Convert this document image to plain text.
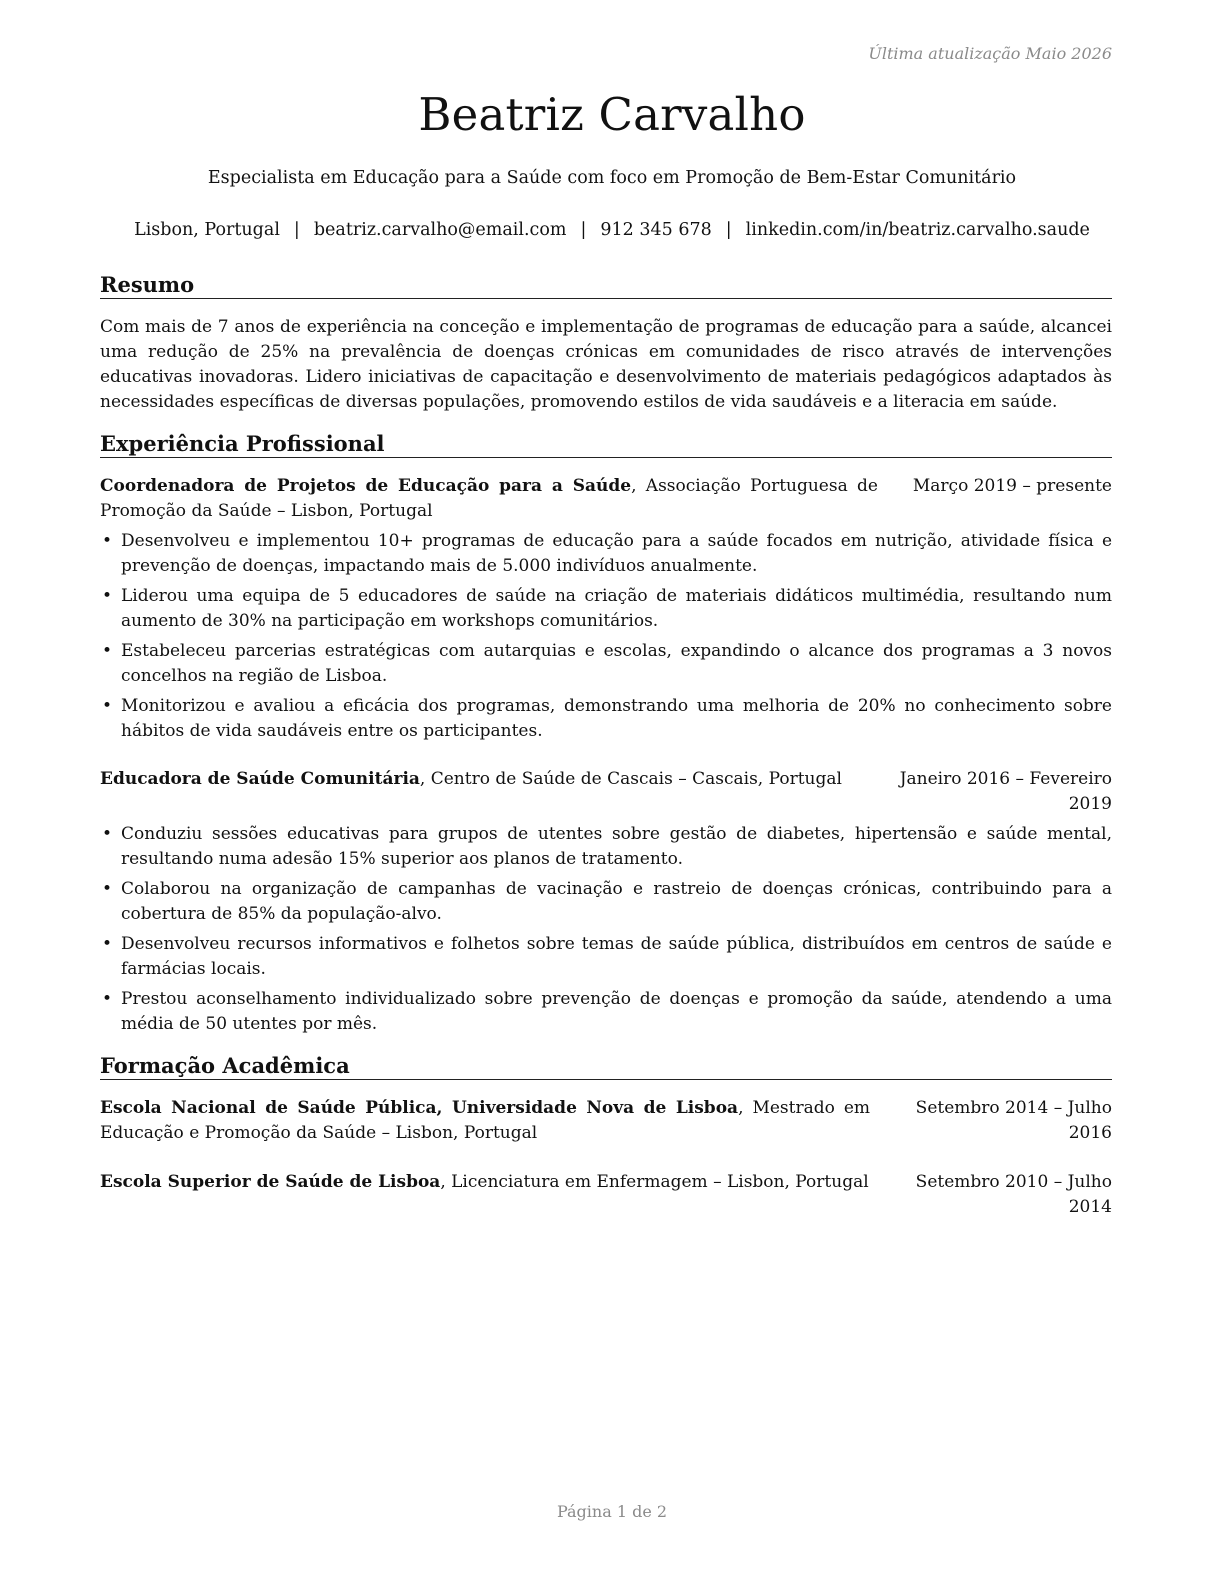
Última atualização Maio 2026
Beatriz Carvalho
Especialista em Educação para a Saúde com foco em Promoção de Bem-Estar Comunitário
Lisbon, Portugal | beatriz.carvalho@email.com | 912 345 678 | linkedin.com/in/beatriz.carvalho.saude
Resumo
Com mais de 7 anos de experiência na conceção e implementação de programas de educação para a saúde, alcancei uma redução de 25% na prevalência de doenças crónicas em comunidades de risco através de intervenções educativas inovadoras. Lidero iniciativas de capacitação e desenvolvimento de materiais pedagógicos adaptados às necessidades específicas de diversas populações, promovendo estilos de vida saudáveis e a literacia em saúde.
Experiência Profissional
Coordenadora de Projetos de Educação para a Saúde, Associação Portuguesa de Promoção da Saúde – Lisbon, Portugal
Março 2019 – presente
• Desenvolveu e implementou 10+ programas de educação para a saúde focados em nutrição, atividade física e prevenção de doenças, impactando mais de 5.000 indivíduos anualmente.
• Liderou uma equipa de 5 educadores de saúde na criação de materiais didáticos multimédia, resultando num aumento de 30% na participação em workshops comunitários.
• Estabeleceu parcerias estratégicas com autarquias e escolas, expandindo o alcance dos programas a 3 novos concelhos na região de Lisboa.
• Monitorizou e avaliou a eficácia dos programas, demonstrando uma melhoria de 20% no conhecimento sobre hábitos de vida saudáveis entre os participantes.
Educadora de Saúde Comunitária, Centro de Saúde de Cascais – Cascais, Portugal	Janeiro 2016 – Fevereiro 2019
• Conduziu sessões educativas para grupos de utentes sobre gestão de diabetes, hipertensão e saúde mental, resultando numa adesão 15% superior aos planos de tratamento.
• Colaborou na organização de campanhas de vacinação e rastreio de doenças crónicas, contribuindo para a cobertura de 85% da população-alvo.
• Desenvolveu recursos informativos e folhetos sobre temas de saúde pública, distribuídos em centros de saúde e farmácias locais.
• Prestou aconselhamento individualizado sobre prevenção de doenças e promoção da saúde, atendendo a uma média de 50 utentes por mês.
Formação Acadêmica
Escola Nacional de Saúde Pública, Universidade Nova de Lisboa, Mestrado em Educação e Promoção da Saúde – Lisbon, Portugal
Setembro 2014 – Julho 2016
Escola Superior de Saúde de Lisboa, Licenciatura em Enfermagem – Lisbon, Portugal	Setembro 2010 – Julho 2014
Página 1 de 2
